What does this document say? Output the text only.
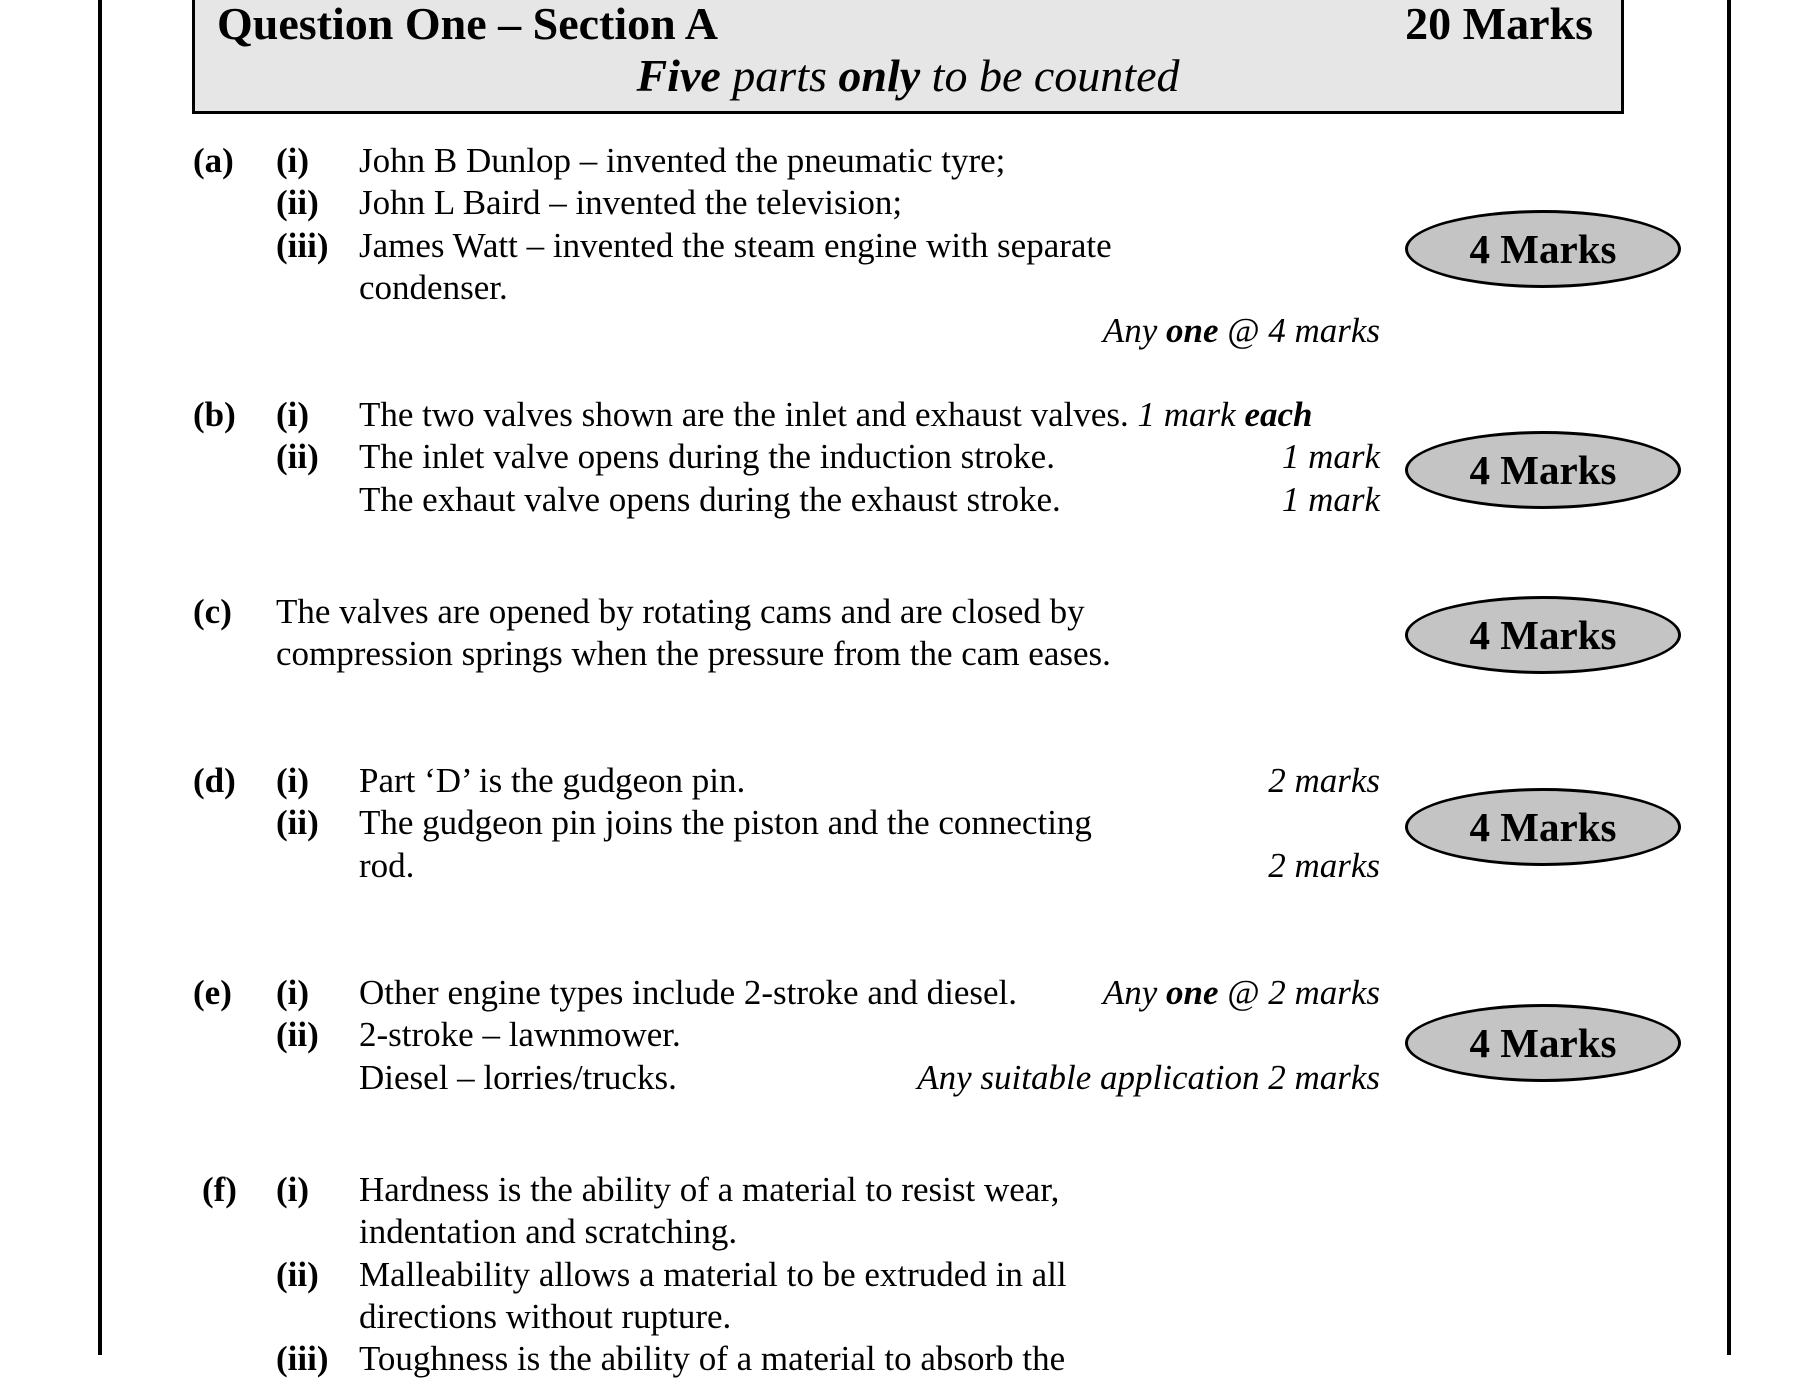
Question One – Section A	20 Marks
Five parts only to be counted
(a) (i) John B Dunlop – invented the pneumatic tyre;
(ii) John L Baird – invented the television;
(iii) James Watt – invented the steam engine with separate
condenser.
Any one @ 4 marks
4 Marks
(b) (i) The two valves shown are the inlet and exhaust valves. 1 mark each
(ii) The inlet valve opens during the induction stroke.	1 mark
The exhaut valve opens during the exhaust stroke.	1 mark
4 Marks
(c) The valves are opened by rotating cams and are closed by
compression springs when the pressure from the cam eases.	4 Marks
(d) (i) Part ‘D’ is the gudgeon pin.	2 marks
(ii) The gudgeon pin joins the piston and the connecting
rod.	2 marks
4 Marks
(e) (i) Other engine types include 2-stroke and diesel.	Any one @ 2 marks
(ii) 2-stroke – lawnmower.
Diesel – lorries/trucks.	Any suitable application 2 marks
4 Marks
(f) (i) Hardness is the ability of a material to resist wear,
indentation and scratching.
(ii) Malleability allows a material to be extruded in all
directions without rupture.
(iii) Toughness is the ability of a material to absorb the
